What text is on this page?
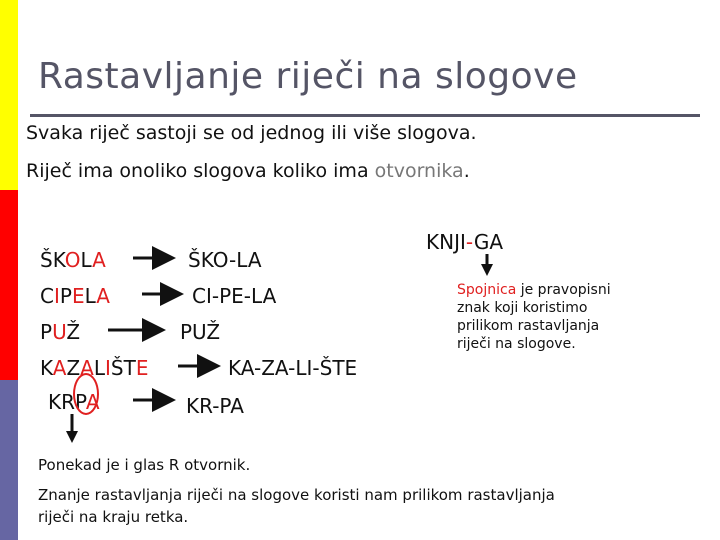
Rastavljanje riječi na slogove
Svaka riječ sastoji se od jednog ili više slogova.
Riječ ima onoliko slogova koliko ima otvornika.
ŠKOLA	ŠKO-LA
CIPELA	CI-PE-LA
PUŽ	PUŽ
KAZALIŠTE	KA-ZA-LI-ŠTE
KRPA	KR-PA
KNJI-GA
Spojnica je pravopisni
znak koji koristimo
prilikom rastavljanja
riječi na slogove.
Ponekad je i glas R otvornik.
Znanje rastavljanja riječi na slogove koristi nam prilikom rastavljanja
riječi na kraju retka.
